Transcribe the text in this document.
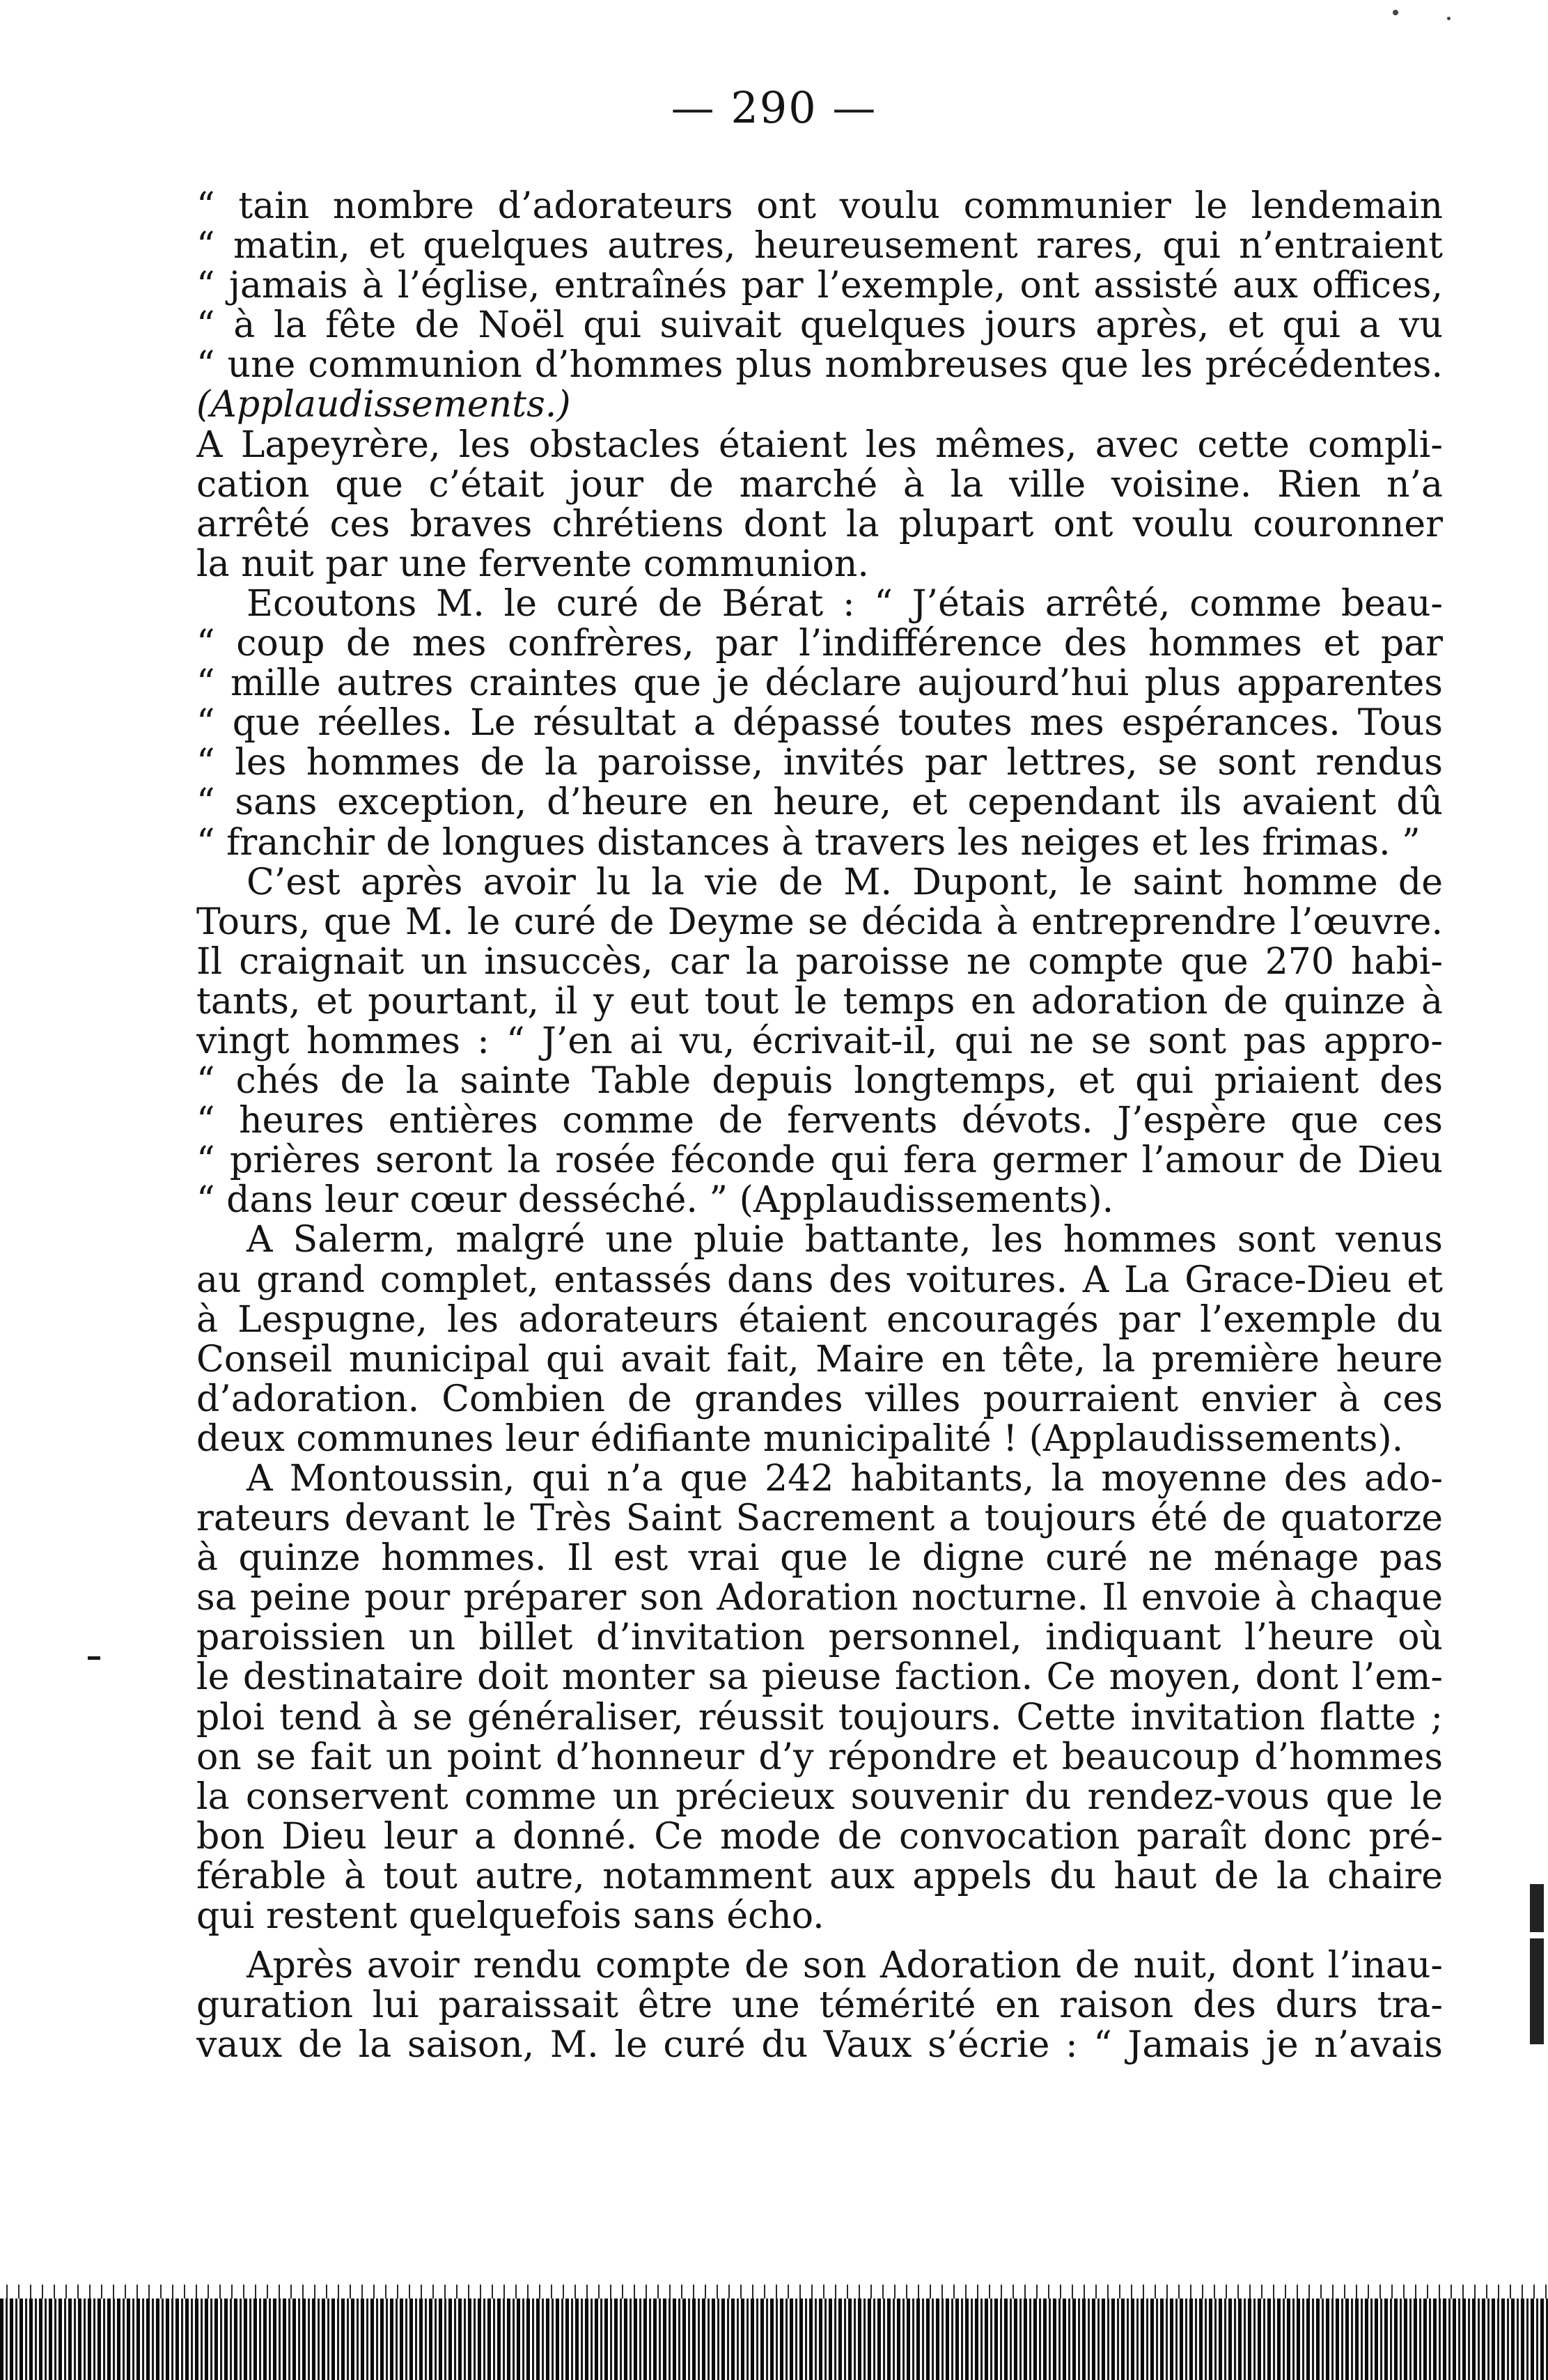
— 290 —
“ tain nombre d’adorateurs ont voulu communier le lendemain
“ matin, et quelques autres, heureusement rares, qui n’entraient
“ jamais à l’église, entraînés par l’exemple, ont assisté aux offices,
“ à la fête de Noël qui suivait quelques jours après, et qui a vu
“ une communion d’hommes plus nombreuses que les précédentes.
(Applaudissements.)
A Lapeyrère, les obstacles étaient les mêmes, avec cette compli-
cation que c’était jour de marché à la ville voisine. Rien n’a
arrêté ces braves chrétiens dont la plupart ont voulu couronner
la nuit par une fervente communion.
Ecoutons M. le curé de Bérat : “ J’étais arrêté, comme beau-
“ coup de mes confrères, par l’indifférence des hommes et par
“ mille autres craintes que je déclare aujourd’hui plus apparentes
“ que réelles. Le résultat a dépassé toutes mes espérances. Tous
“ les hommes de la paroisse, invités par lettres, se sont rendus
“ sans exception, d’heure en heure, et cependant ils avaient dû
“ franchir de longues distances à travers les neiges et les frimas. ”
C’est après avoir lu la vie de M. Dupont, le saint homme de
Tours, que M. le curé de Deyme se décida à entreprendre l’œuvre.
Il craignait un insuccès, car la paroisse ne compte que 270 habi-
tants, et pourtant, il y eut tout le temps en adoration de quinze à
vingt hommes : “ J’en ai vu, écrivait-il, qui ne se sont pas appro-
“ chés de la sainte Table depuis longtemps, et qui priaient des
“ heures entières comme de fervents dévots. J’espère que ces
“ prières seront la rosée féconde qui fera germer l’amour de Dieu
“ dans leur cœur desséché. ” (Applaudissements).
A Salerm, malgré une pluie battante, les hommes sont venus
au grand complet, entassés dans des voitures. A La Grace-Dieu et
à Lespugne, les adorateurs étaient encouragés par l’exemple du
Conseil municipal qui avait fait, Maire en tête, la première heure
d’adoration. Combien de grandes villes pourraient envier à ces
deux communes leur édifiante municipalité ! (Applaudissements).
A Montoussin, qui n’a que 242 habitants, la moyenne des ado-
rateurs devant le Très Saint Sacrement a toujours été de quatorze
à quinze hommes. Il est vrai que le digne curé ne ménage pas
sa peine pour préparer son Adoration nocturne. Il envoie à chaque
paroissien un billet d’invitation personnel, indiquant l’heure où
le destinataire doit monter sa pieuse faction. Ce moyen, dont l’em-
ploi tend à se généraliser, réussit toujours. Cette invitation flatte ;
on se fait un point d’honneur d’y répondre et beaucoup d’hommes
la conservent comme un précieux souvenir du rendez-vous que le
bon Dieu leur a donné. Ce mode de convocation paraît donc pré-
férable à tout autre, notamment aux appels du haut de la chaire
qui restent quelquefois sans écho.
Après avoir rendu compte de son Adoration de nuit, dont l’inau-
guration lui paraissait être une témérité en raison des durs tra-
vaux de la saison, M. le curé du Vaux s’écrie : “ Jamais je n’avais
